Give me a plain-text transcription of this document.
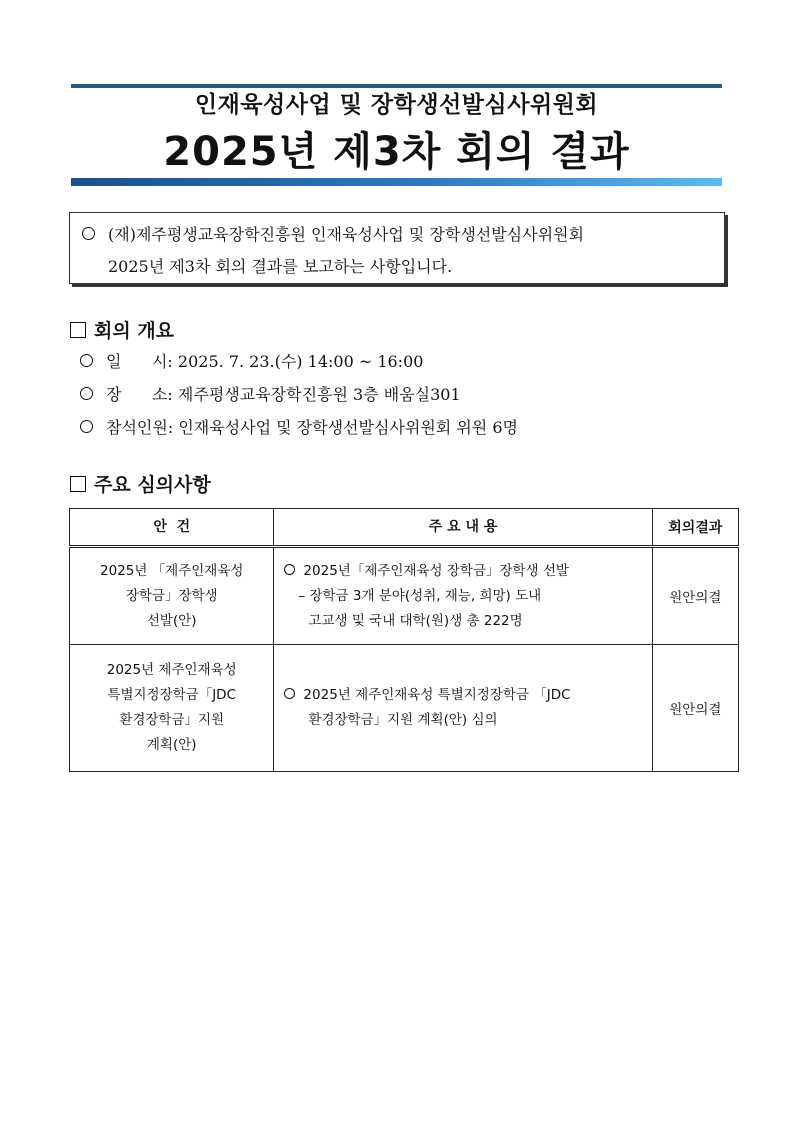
인재육성사업 및 장학생선발심사위원회
2025년 제3차 회의 결과
(재)제주평생교육장학진흥원 인재육성사업 및 장학생선발심사위원회
2025년 제3차 회의 결과를 보고하는 사항입니다.
회의 개요
일      시: 2025. 7. 23.(수) 14:00 ~ 16:00
장      소: 제주평생교육장학진흥원 3층 배움실301
참석인원: 인재육성사업 및 장학생선발심사위원회 위원 6명
주요 심의사항
안  건	주 요 내 용	회의결과

2025년 「제주인재육성
장학금」장학생
선발(안)	2025년「제주인재육성 장학금」장학생 선발
– 장학금 3개 분야(성취, 재능, 희망) 도내
고교생 및 국내 대학(원)생 총 222명	원안의결

2025년 제주인재육성
특별지정장학금「JDC
환경장학금」지원
계획(안)	2025년 제주인재육성 특별지정장학금 「JDC
환경장학금」지원 계획(안) 심의	원안의결
